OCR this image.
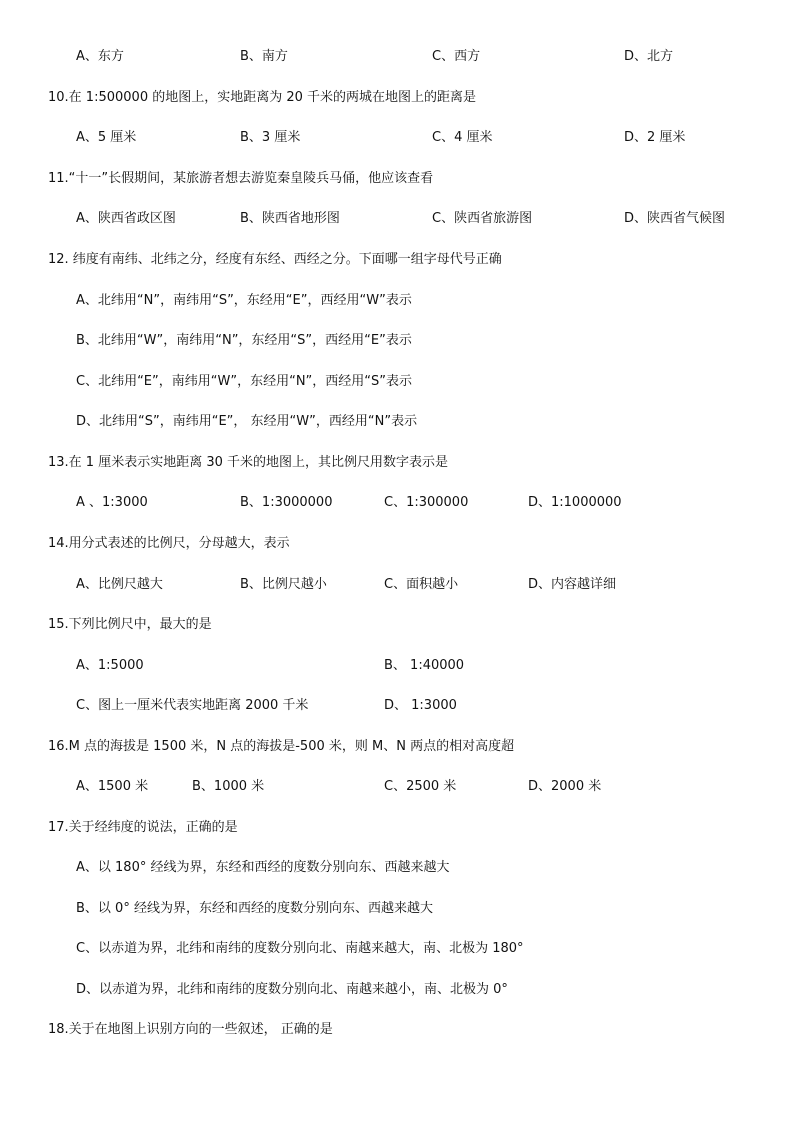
A、东方	B、南方	C、西方	D、北方
10.在 1:500000 的地图上，实地距离为 20 千米的两城在地图上的距离是
A、5 厘米	B、3 厘米	C、4 厘米	D、2 厘米
11.“十一”长假期间，某旅游者想去游览秦皇陵兵马俑，他应该查看
A、陕西省政区图	B、陕西省地形图	C、陕西省旅游图	D、陕西省气候图
12. 纬度有南纬、北纬之分，经度有东经、西经之分。下面哪一组字母代号正确
A、北纬用“N”，南纬用“S”，东经用“E”，西经用“W”表示
B、北纬用“W”，南纬用“N”，东经用“S”，西经用“E”表示
C、北纬用“E”，南纬用“W”，东经用“N”，西经用“S”表示
D、北纬用“S”，南纬用“E”， 东经用“W”，西经用“N”表示
13.在 1 厘米表示实地距离 30 千米的地图上，其比例尺用数字表示是
A 、1:3000	B、1:3000000	C、1:300000	D、1:1000000
14.用分式表述的比例尺，分母越大，表示
A、比例尺越大	B、比例尺越小	C、面积越小	D、内容越详细
15.下列比例尺中，最大的是
A、1:5000	B、 1:40000
C、图上一厘米代表实地距离 2000 千米	D、 1:3000
16.M 点的海拔是 1500 米，N 点的海拔是-500 米，则 M、N 两点的相对高度超
A、1500 米	B、1000 米	C、2500 米	D、2000 米
17.关于经纬度的说法，正确的是
A、以 180° 经线为界，东经和西经的度数分别向东、西越来越大
B、以 0° 经线为界，东经和西经的度数分别向东、西越来越大
C、以赤道为界，北纬和南纬的度数分别向北、南越来越大，南、北极为 180°
D、以赤道为界，北纬和南纬的度数分别向北、南越来越小，南、北极为 0°
18.关于在地图上识别方向的一些叙述， 正确的是
